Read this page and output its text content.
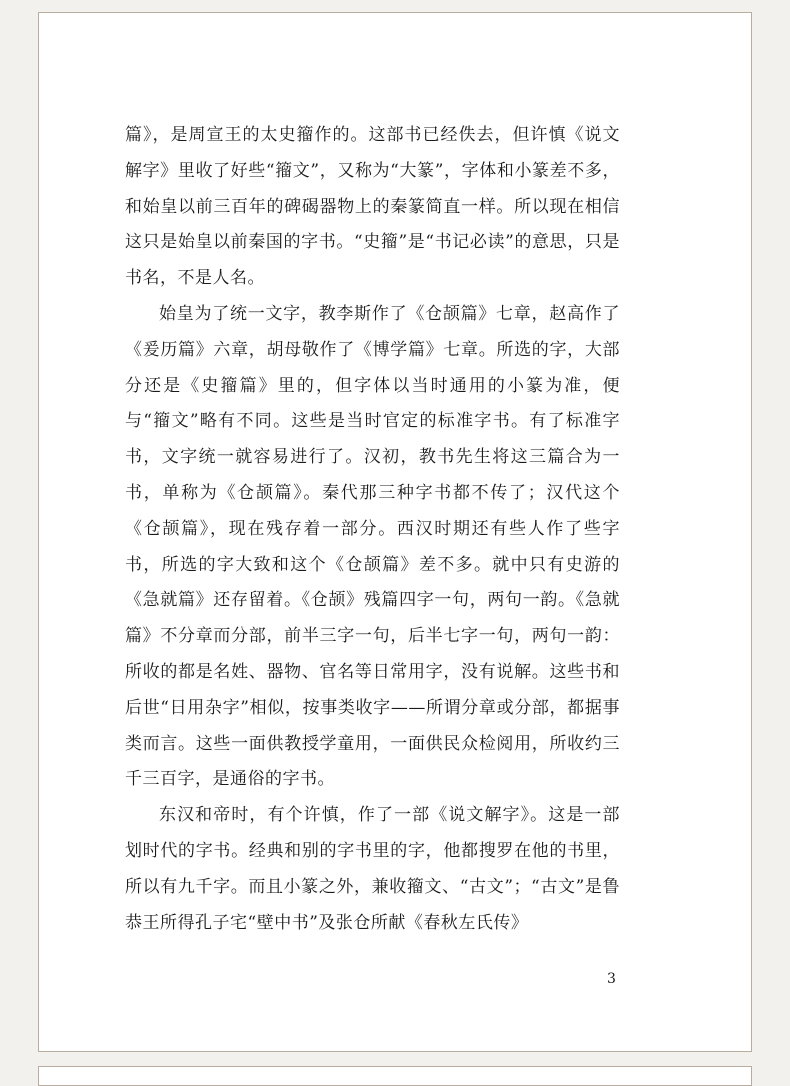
篇》，是周宣王的太史籀作的。这部书已经佚去，但许慎《说文解字》里收了好些“籀文”，又称为“大篆”，字体和小篆差不多，和始皇以前三百年的碑碣器物上的秦篆简直一样。所以现在相信这只是始皇以前秦国的字书。“史籀”是“书记必读”的意思，只是书名，不是人名。

始皇为了统一文字，教李斯作了《仓颉篇》七章，赵高作了《爰历篇》六章，胡母敬作了《博学篇》七章。所选的字，大部分还是《史籀篇》里的，但字体以当时通用的小篆为准，便与“籀文”略有不同。这些是当时官定的标准字书。有了标准字书，文字统一就容易进行了。汉初，教书先生将这三篇合为一书，单称为《仓颉篇》。秦代那三种字书都不传了；汉代这个《仓颉篇》，现在残存着一部分。西汉时期还有些人作了些字书，所选的字大致和这个《仓颉篇》差不多。就中只有史游的《急就篇》还存留着。《仓颉》残篇四字一句，两句一韵。《急就篇》不分章而分部，前半三字一句，后半七字一句，两句一韵：所收的都是名姓、器物、官名等日常用字，没有说解。这些书和后世“日用杂字”相似，按事类收字——所谓分章或分部，都据事类而言。这些一面供教授学童用，一面供民众检阅用，所收约三千三百字，是通俗的字书。

东汉和帝时，有个许慎，作了一部《说文解字》。这是一部划时代的字书。经典和别的字书里的字，他都搜罗在他的书里，所以有九千字。而且小篆之外，兼收籀文、“古文”；“古文”是鲁恭王所得孔子宅“壁中书”及张仓所献《春秋左氏传》

3
